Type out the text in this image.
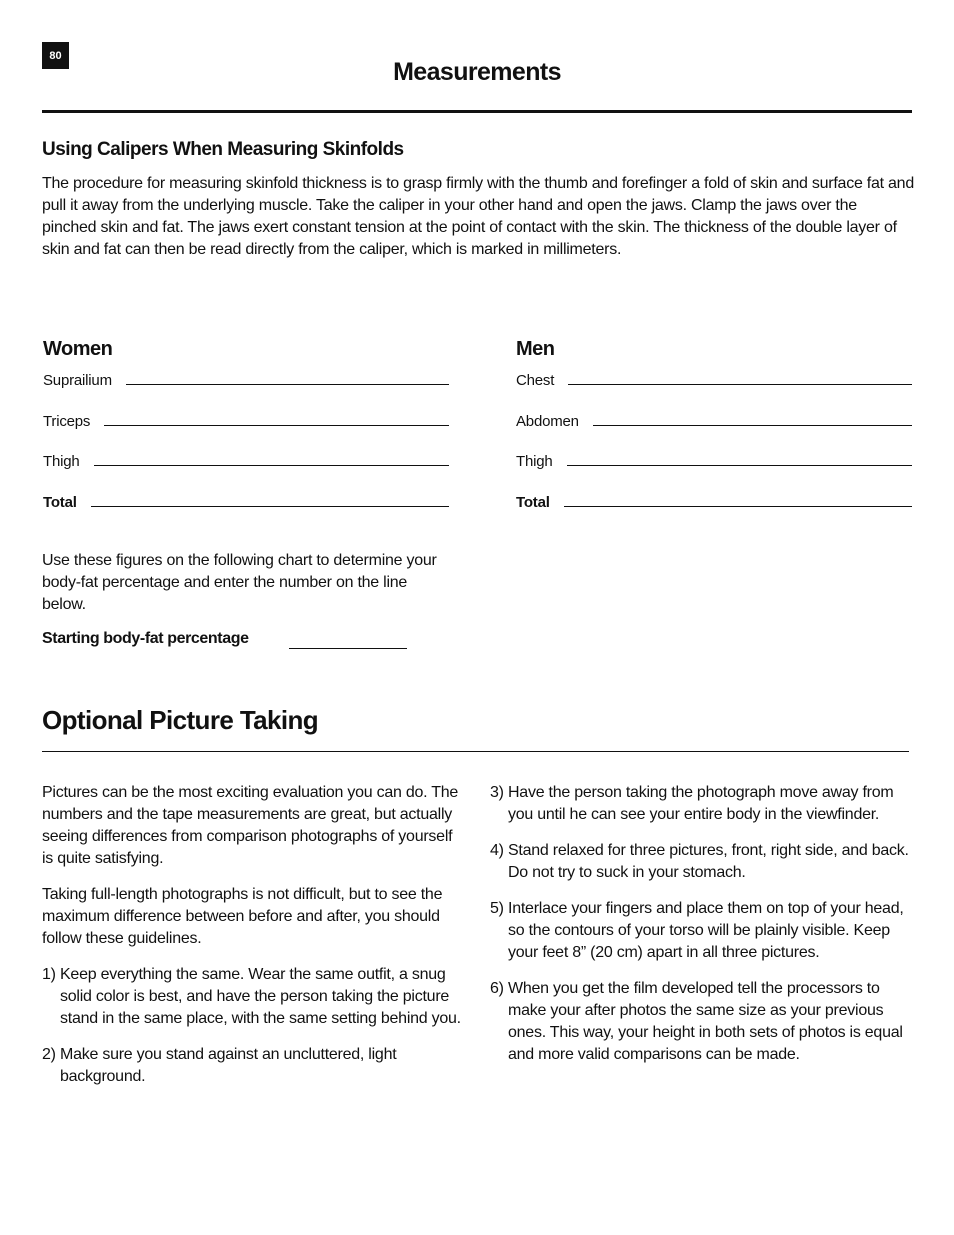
80
Measurements
Using Calipers When Measuring Skinfolds
The procedure for measuring skinfold thickness is to grasp firmly with the thumb and forefinger a fold of skin and surface fat and pull it away from the underlying muscle. Take the caliper in your other hand and open the jaws. Clamp the jaws over the pinched skin and fat. The jaws exert constant tension at the point of contact with the skin. The thickness of the double layer of skin and fat can then be read directly from the caliper, which is marked in millimeters.
Women
Suprailium
Triceps
Thigh
Total
Men
Chest
Abdomen
Thigh
Total
Use these figures on the following chart to determine your body-fat percentage and enter the number on the line below.
Starting body-fat percentage
Optional Picture Taking

Pictures can be the most exciting evaluation you can do. The numbers and the tape measurements are great, but actually seeing differences from comparison photographs of yourself is quite satisfying.

Taking full-length photographs is not difficult, but to see the maximum difference between before and after, you should follow these guidelines.

1) Keep everything the same. Wear the same outfit, a snug solid color is best, and have the person taking the picture stand in the same place, with the same setting behind you.
2) Make sure you stand against an uncluttered, light background.
3) Have the person taking the photograph move away from you until he can see your entire body in the viewfinder.
4) Stand relaxed for three pictures, front, right side, and back. Do not try to suck in your stomach.
5) Interlace your fingers and place them on top of your head, so the contours of your torso will be plainly visible. Keep your feet 8” (20 cm) apart in all three pictures.
6) When you get the film developed tell the processors to make your after photos the same size as your previous ones. This way, your height in both sets of photos is equal and more valid comparisons can be made.
